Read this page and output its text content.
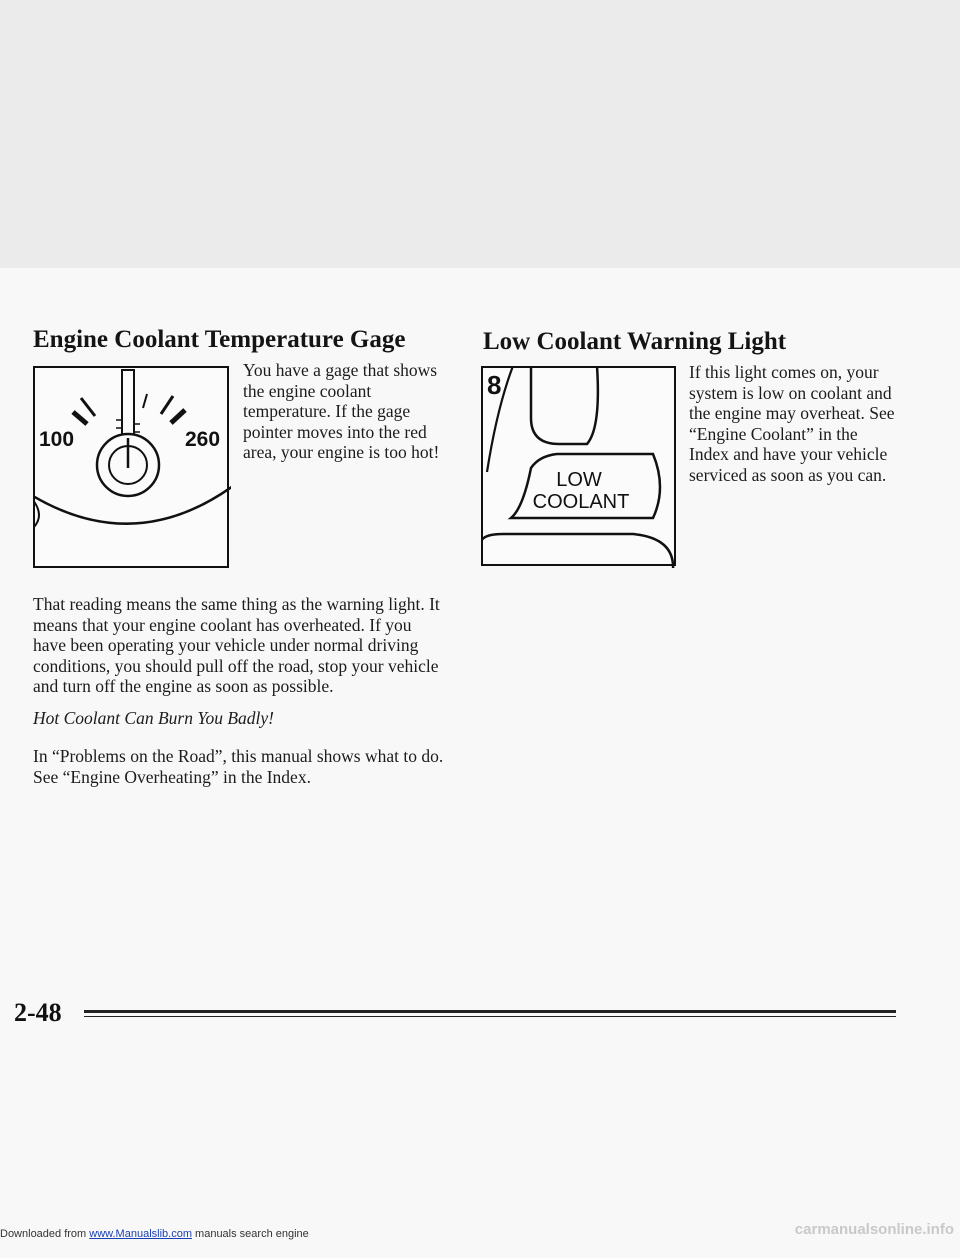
Engine Coolant Temperature Gage
100	260
You have a gage that shows the engine coolant temperature. If the gage pointer moves into the red area, your engine is too hot!
That reading means the same thing as the warning light. It means that your engine coolant has overheated. If you have been operating your vehicle under normal driving conditions, you should pull off the road, stop your vehicle and turn off the engine as soon as possible.
Hot Coolant Can Burn You Badly!
In “Problems on the Road”, this manual shows what to do. See “Engine Overheating” in the Index.
Low Coolant Warning Light
8
LOW
COOLANT
If this light comes on, your system is low on coolant and the engine may overheat. See “Engine Coolant” in the Index and have your vehicle serviced as soon as you can.
2-48
Downloaded from www.Manualslib.com manuals search engine	carmanualsonline.info
